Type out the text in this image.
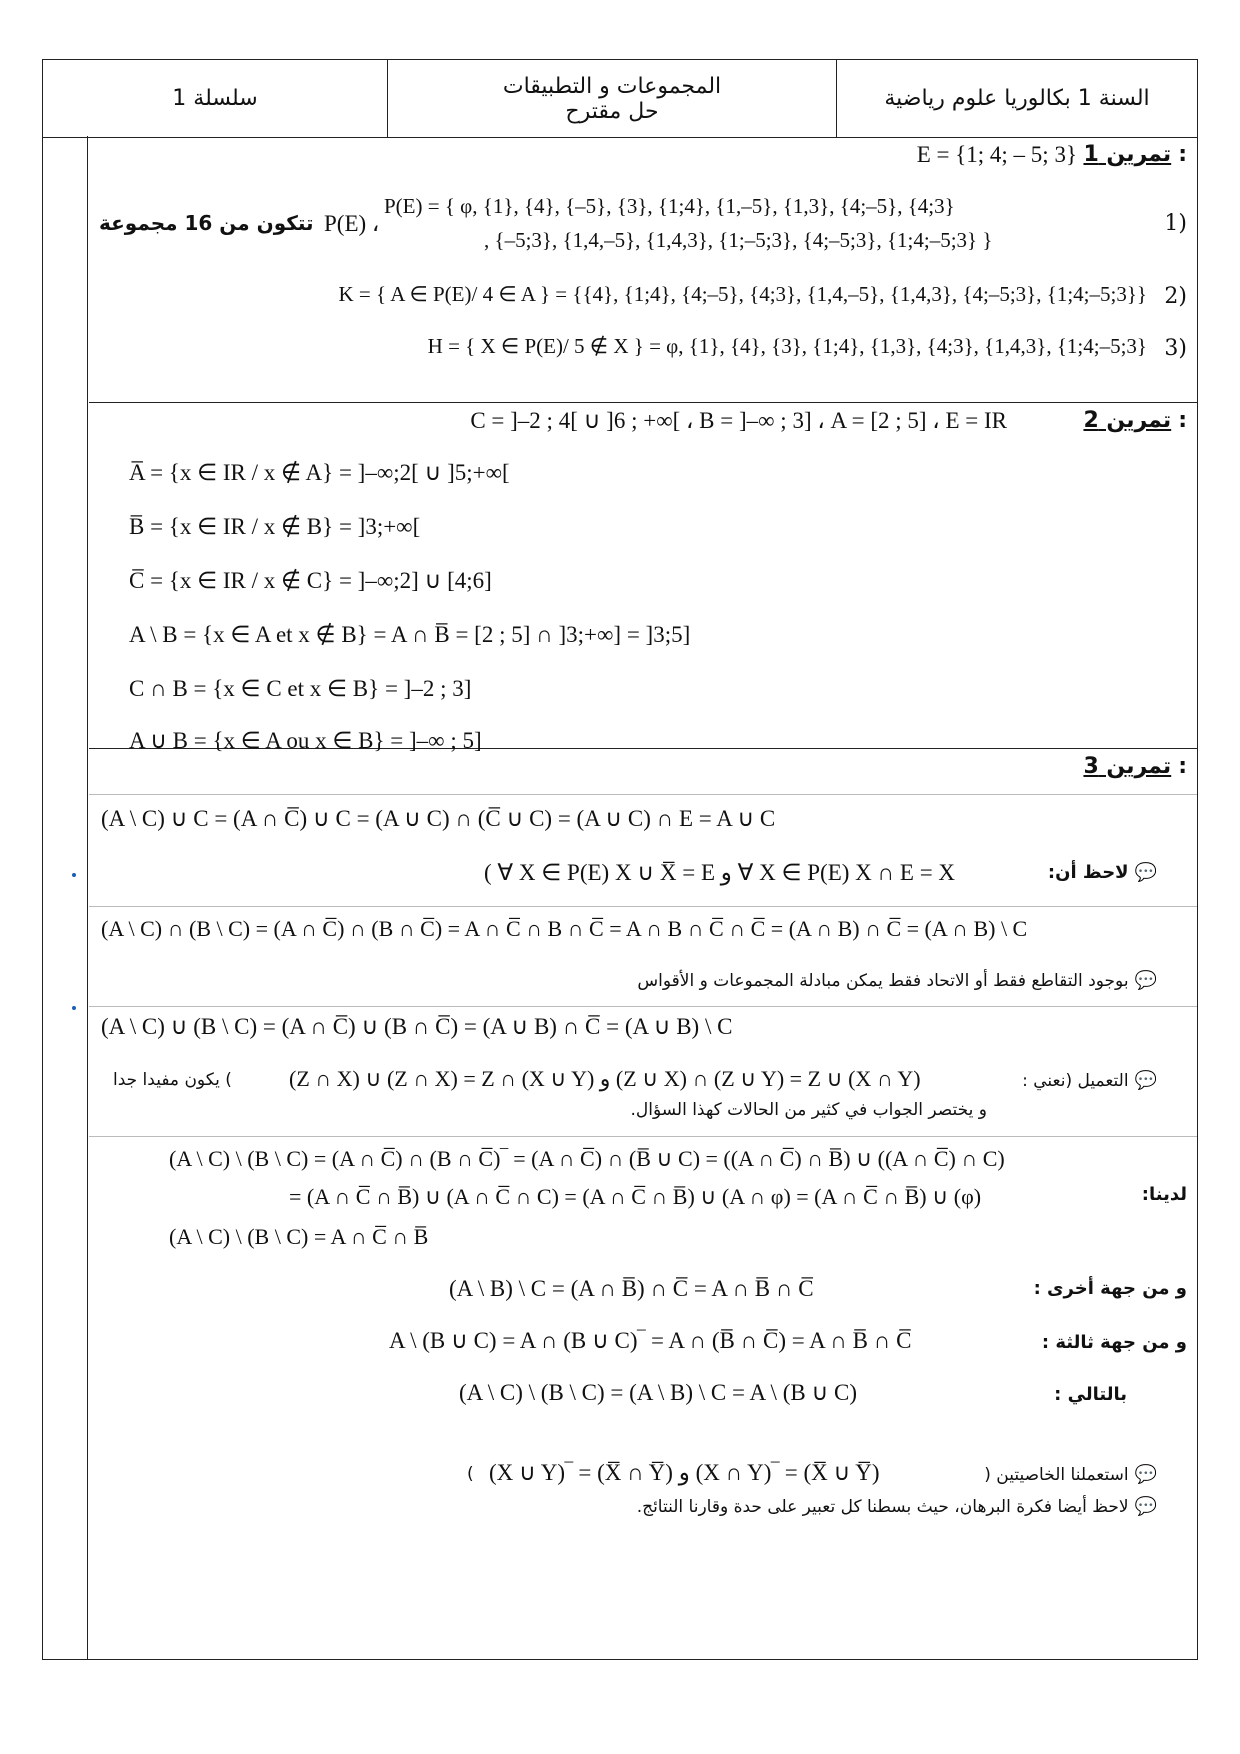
السنة 1 بكالوريا علوم رياضية
المجموعات و التطبيقات
حل مقترح
سلسلة 1
تمرين 1 :
E = {1; 4; – 5; 3}
1)
P(E) = { φ, {1}, {4}, {–5}, {3}, {1;4}, {1,–5}, {1,3}, {4;–5}, {4;3}
, {–5;3}, {1,4,–5}, {1,4,3}, {1;–5;3}, {4;–5;3}, {1;4;–5;3} }
P(E) ،
تتكون من 16 مجموعة
2)
K = { A ∈ P(E)/ 4 ∈ A } = {{4}, {1;4}, {4;–5}, {4;3}, {1,4,–5}, {1,4,3}, {4;–5;3}, {1;4;–5;3}}
3)
H = { X ∈ P(E)/ 5 ∉ X } = φ, {1}, {4}, {3}, {1;4}, {1,3}, {4;3}, {1,4,3}, {1;4;–5;3}
تمرين 2 :
C = ]–2 ; 4[ ∪ ]6 ; +∞[ ، B = ]–∞ ; 3] ، A = [2 ; 5] ، E = IR
A̅ = {x ∈ IR / x ∉ A} = ]–∞;2[ ∪ ]5;+∞[
B̅ = {x ∈ IR / x ∉ B} = ]3;+∞[
C̅ = {x ∈ IR / x ∉ C} = ]–∞;2] ∪ [4;6]
A \ B = {x ∈ A et x ∉ B} = A ∩ B̅ = [2 ; 5] ∩ ]3;+∞] = ]3;5]
C ∩ B = {x ∈ C et x ∈ B} = ]–2 ; 3]
A ∪ B = {x ∈ A ou x ∈ B} = ]–∞ ; 5]
تمرين 3 :
(A \ C) ∪ C = (A ∩ C̅) ∪ C = (A ∪ C) ∩ (C̅ ∪ C) = (A ∪ C) ∩ E = A ∪ C
💬لاحظ أن:
( ∀ X ∈ P(E) X ∪ X̅ = E و ∀ X ∈ P(E) X ∩ E = X
(A \ C) ∩ (B \ C) = (A ∩ C̅) ∩ (B ∩ C̅) = A ∩ C̅ ∩ B ∩ C̅ = A ∩ B ∩ C̅ ∩ C̅ = (A ∩ B) ∩ C̅ = (A ∩ B) \ C
💬بوجود التقاطع فقط أو الاتحاد فقط يمكن مبادلة المجموعات و الأقواس
(A \ C) ∪ (B \ C) = (A ∩ C̅) ∪ (B ∩ C̅) = (A ∪ B) ∩ C̅ = (A ∪ B) \ C
💬التعميل (نعني :
(Z ∩ X) ∪ (Z ∩ X) = Z ∩ (X ∪ Y) و (Z ∪ X) ∩ (Z ∪ Y) = Z ∪ (X ∩ Y)
) يكون مفيدا جدا
و يختصر الجواب في كثير من الحالات كهذا السؤال.
(A \ C) \ (B \ C) = (A ∩ C̅) ∩ (B ∩ C̅)‾ = (A ∩ C̅) ∩ (B̅ ∪ C) = ((A ∩ C̅) ∩ B̅) ∪ ((A ∩ C̅) ∩ C)
لدينا:
= (A ∩ C̅ ∩ B̅) ∪ (A ∩ C̅ ∩ C) = (A ∩ C̅ ∩ B̅) ∪ (A ∩ φ) = (A ∩ C̅ ∩ B̅) ∪ (φ)
(A \ C) \ (B \ C) = A ∩ C̅ ∩ B̅
و من جهة أخرى :
(A \ B) \ C = (A ∩ B̅) ∩ C̅ = A ∩ B̅ ∩ C̅
و من جهة ثالثة :
A \ (B ∪ C) = A ∩ (B ∪ C)‾ = A ∩ (B̅ ∩ C̅) = A ∩ B̅ ∩ C̅
بالتالي :
(A \ C) \ (B \ C) = (A \ B) \ C = A \ (B ∪ C)
💬استعملنا الخاصيتين (
(X ∪ Y)‾ = (X̅ ∩ Y̅) و (X ∩ Y)‾ = (X̅ ∪ Y̅)
)
💬لاحظ أيضا فكرة البرهان، حيث بسطنا كل تعبير على حدة وقارنا النتائج.
